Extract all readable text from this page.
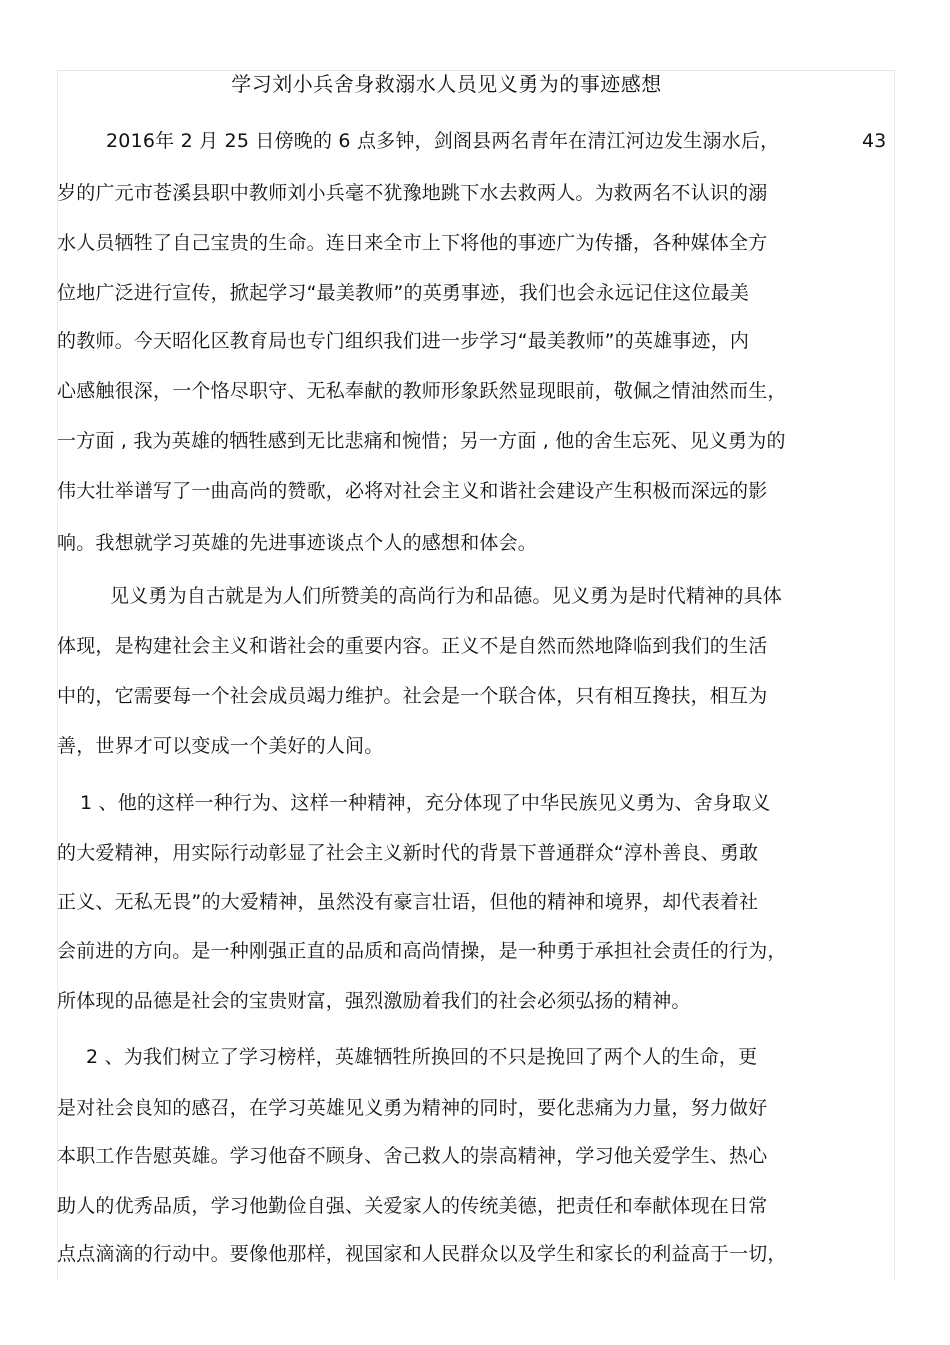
学习刘小兵舍身救溺水人员见义勇为的事迹感想
2016年 2 月 25 日傍晚的 6 点多钟，剑阁县两名青年在清江河边发生溺水后，	43
岁的广元市苍溪县职中教师刘小兵毫不犹豫地跳下水去救两人。为救两名不认识的溺
水人员牺牲了自己宝贵的生命。连日来全市上下将他的事迹广为传播，各种媒体全方
位地广泛进行宣传，掀起学习“最美教师”的英勇事迹，我们也会永远记住这位最美
的教师。今天昭化区教育局也专门组织我们进一步学习“最美教师”的英雄事迹，内
心感触很深，一个恪尽职守、无私奉献的教师形象跃然显现眼前，敬佩之情油然而生，
一方面 , 我为英雄的牺牲感到无比悲痛和惋惜；另一方面 , 他的舍生忘死、见义勇为的
伟大壮举谱写了一曲高尚的赞歌，必将对社会主义和谐社会建设产生积极而深远的影
响。我想就学习英雄的先进事迹谈点个人的感想和体会。
见义勇为自古就是为人们所赞美的高尚行为和品德。见义勇为是时代精神的具体
体现，是构建社会主义和谐社会的重要内容。正义不是自然而然地降临到我们的生活
中的，它需要每一个社会成员竭力维护。社会是一个联合体，只有相互搀扶，相互为
善，世界才可以变成一个美好的人间。
1 、他的这样一种行为、这样一种精神，充分体现了中华民族见义勇为、舍身取义
的大爱精神，用实际行动彰显了社会主义新时代的背景下普通群众“淳朴善良、勇敢
正义、无私无畏”的大爱精神，虽然没有豪言壮语，但他的精神和境界，却代表着社
会前进的方向。是一种刚强正直的品质和高尚情操，是一种勇于承担社会责任的行为，
所体现的品德是社会的宝贵财富，强烈激励着我们的社会必须弘扬的精神。
2 、为我们树立了学习榜样，英雄牺牲所换回的不只是挽回了两个人的生命，更
是对社会良知的感召，在学习英雄见义勇为精神的同时，要化悲痛为力量，努力做好
本职工作告慰英雄。学习他奋不顾身、舍己救人的崇高精神，学习他关爱学生、热心
助人的优秀品质，学习他勤俭自强、关爱家人的传统美德，把责任和奉献体现在日常
点点滴滴的行动中。要像他那样，视国家和人民群众以及学生和家长的利益高于一切，
